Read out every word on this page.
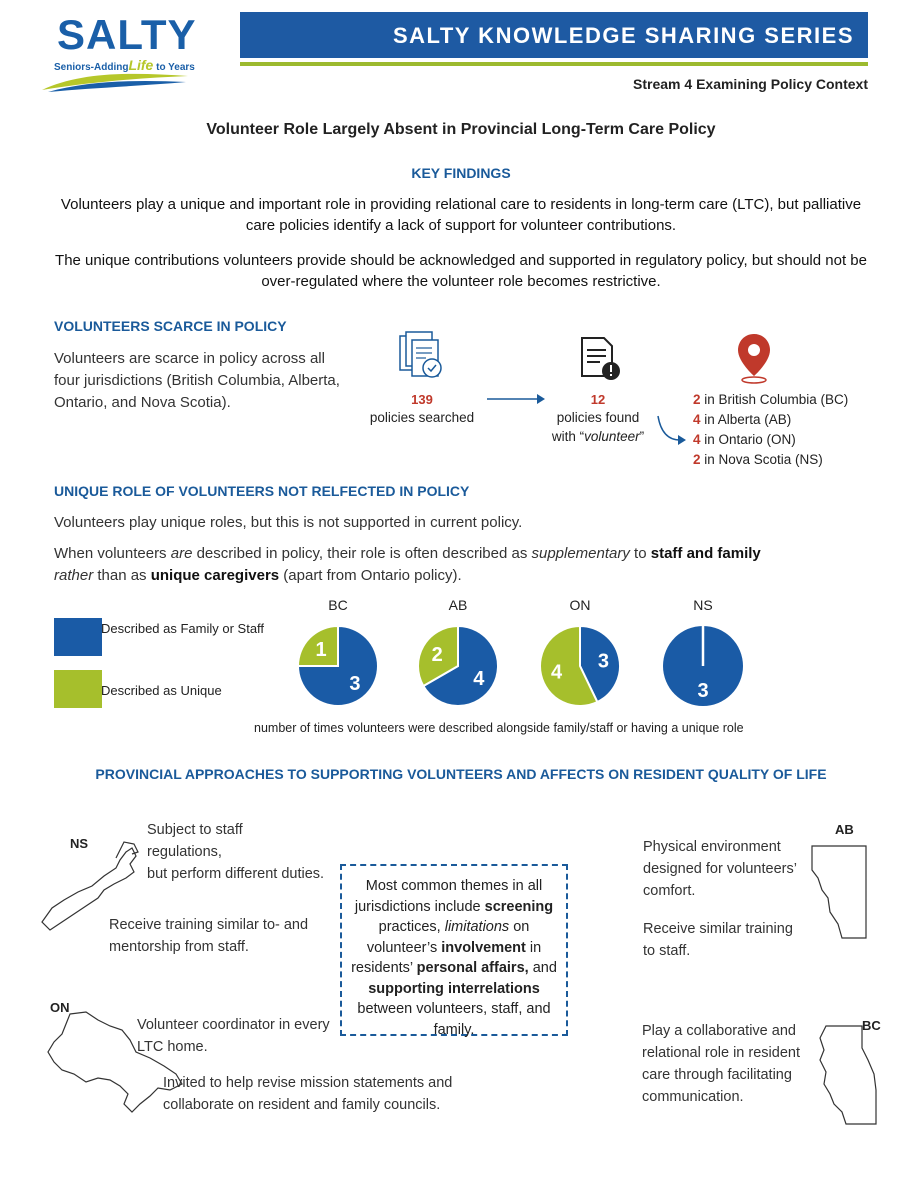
SALTY
Seniors-AddingLife to Years
SALTY KNOWLEDGE SHARING SERIES
Stream 4 Examining Policy Context
Volunteer Role Largely Absent in Provincial Long-Term Care Policy
KEY FINDINGS
Volunteers play a unique and important role in providing relational care to residents in long-term care (LTC), but palliative care policies identify a lack of support for volunteer contributions.
The unique contributions volunteers provide should be acknowledged and supported in regulatory policy, but should not be over-regulated where the volunteer role becomes restrictive.
VOLUNTEERS SCARCE IN POLICY
Volunteers are scarce in policy across all four jurisdictions (British Columbia, Alberta, Ontario, and Nova Scotia).	139
policies searched
12
policies found
with “volunteer”
2 in British Columbia (BC)
4 in Alberta (AB)
4 in Ontario (ON)
2 in Nova Scotia (NS)
UNIQUE ROLE OF VOLUNTEERS NOT RELFECTED IN POLICY
Volunteers play unique roles, but this is not supported in current policy.
When volunteers are described in policy, their role is often described as supplementary to staff and family
rather than as unique caregivers (apart from Ontario policy).
Described as Family or Staff
Described as Unique
BC
3
1
AB
4
2
ON
3
4
NS
3
number of times volunteers were described alongside family/staff or having a unique role
PROVINCIAL APPROACHES TO SUPPORTING VOLUNTEERS AND AFFECTS ON RESIDENT QUALITY OF LIFE
NS
Subject to staff regulations,
but perform different duties.
Receive training similar to- and mentorship from staff.
ON
Volunteer coordinator in every LTC home.
Invited to help revise mission statements and collaborate on resident and family councils.
Most common themes in all jurisdictions include screening practices, limitations on volunteer’s involvement in residents’ personal affairs, and supporting interrelations between volunteers, staff, and family.
AB
Physical environment designed for volunteers’ comfort.
Receive similar training to staff.
BC
Play a collaborative and relational role in resident care through facilitating communication.
